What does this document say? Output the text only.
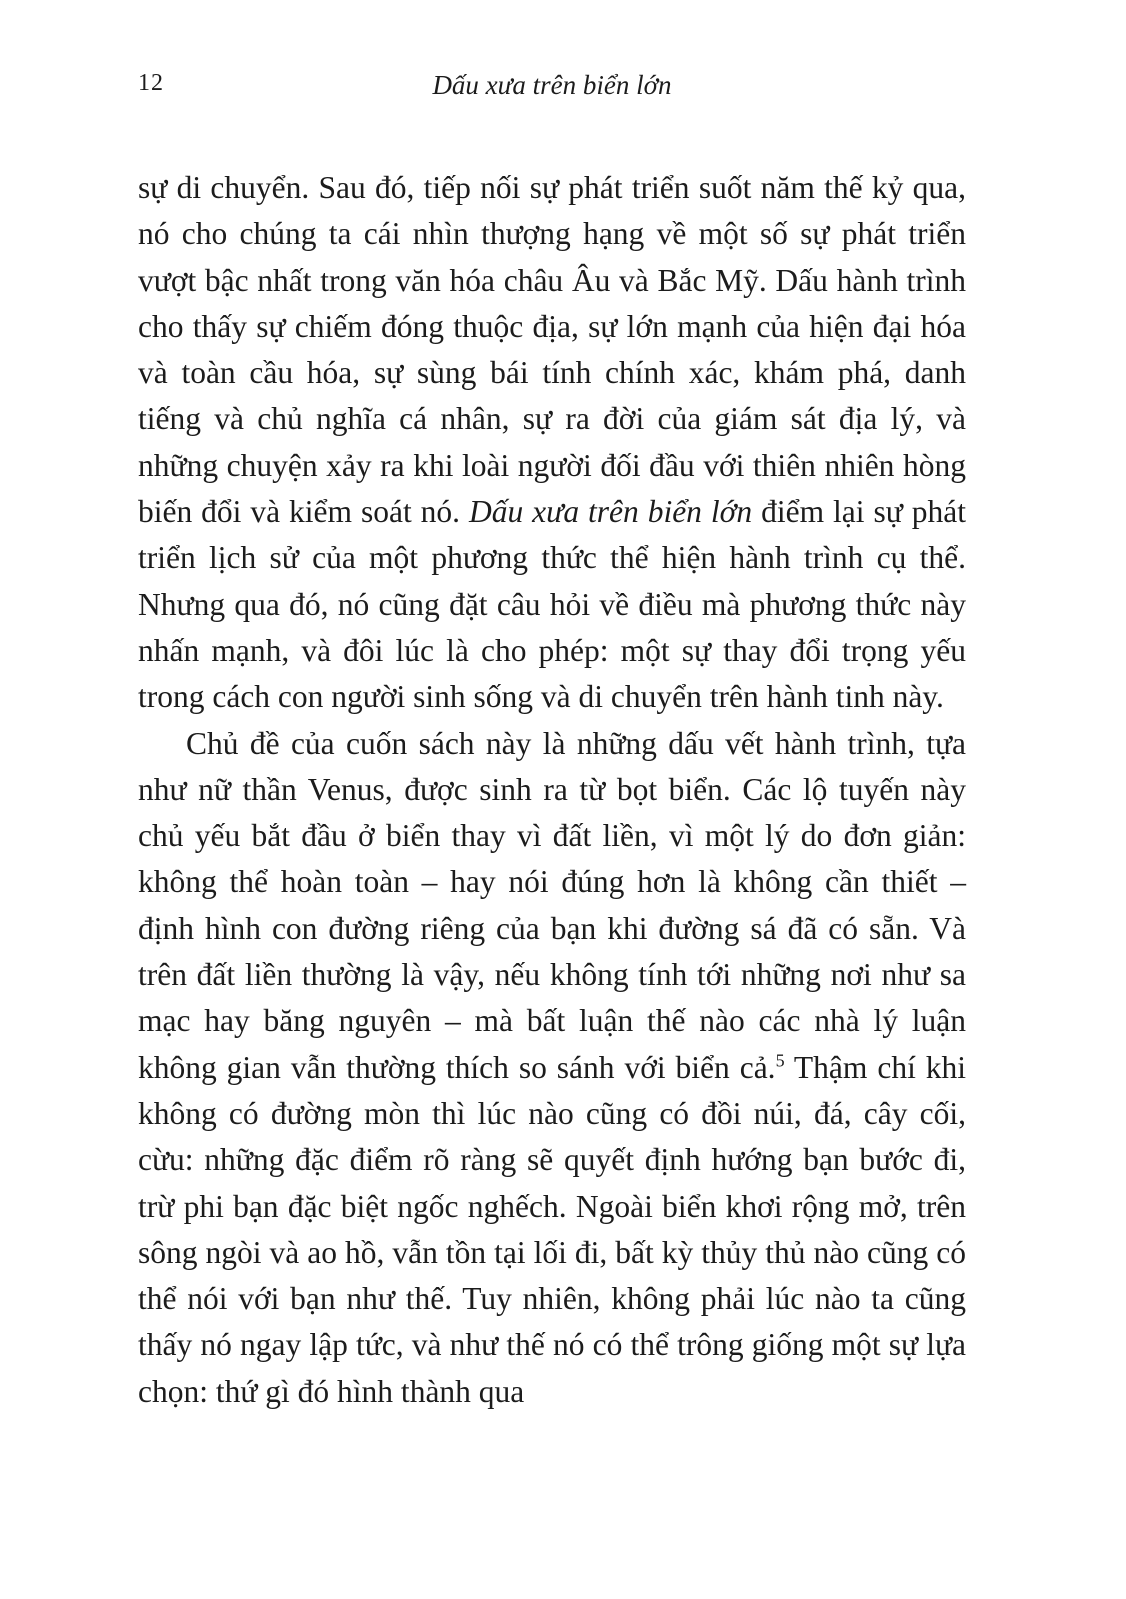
12	Dấu xưa trên biển lớn

sự di chuyển. Sau đó, tiếp nối sự phát triển suốt năm thế kỷ qua, nó cho chúng ta cái nhìn thượng hạng về một số sự phát triển vượt bậc nhất trong văn hóa châu Âu và Bắc Mỹ. Dấu hành trình cho thấy sự chiếm đóng thuộc địa, sự lớn mạnh của hiện đại hóa và toàn cầu hóa, sự sùng bái tính chính xác, khám phá, danh tiếng và chủ nghĩa cá nhân, sự ra đời của giám sát địa lý, và những chuyện xảy ra khi loài người đối đầu với thiên nhiên hòng biến đổi và kiểm soát nó. Dấu xưa trên biển lớn điểm lại sự phát triển lịch sử của một phương thức thể hiện hành trình cụ thể. Nhưng qua đó, nó cũng đặt câu hỏi về điều mà phương thức này nhấn mạnh, và đôi lúc là cho phép: một sự thay đổi trọng yếu trong cách con người sinh sống và di chuyển trên hành tinh này.

Chủ đề của cuốn sách này là những dấu vết hành trình, tựa như nữ thần Venus, được sinh ra từ bọt biển. Các lộ tuyến này chủ yếu bắt đầu ở biển thay vì đất liền, vì một lý do đơn giản: không thể hoàn toàn – hay nói đúng hơn là không cần thiết – định hình con đường riêng của bạn khi đường sá đã có sẵn. Và trên đất liền thường là vậy, nếu không tính tới những nơi như sa mạc hay băng nguyên – mà bất luận thế nào các nhà lý luận không gian vẫn thường thích so sánh với biển cả.$^5$ Thậm chí khi không có đường mòn thì lúc nào cũng có đồi núi, đá, cây cối, cừu: những đặc điểm rõ ràng sẽ quyết định hướng bạn bước đi, trừ phi bạn đặc biệt ngốc nghếch. Ngoài biển khơi rộng mở, trên sông ngòi và ao hồ, vẫn tồn tại lối đi, bất kỳ thủy thủ nào cũng có thể nói với bạn như thế. Tuy nhiên, không phải lúc nào ta cũng thấy nó ngay lập tức, và như thế nó có thể trông giống một sự lựa chọn: thứ gì đó hình thành qua
